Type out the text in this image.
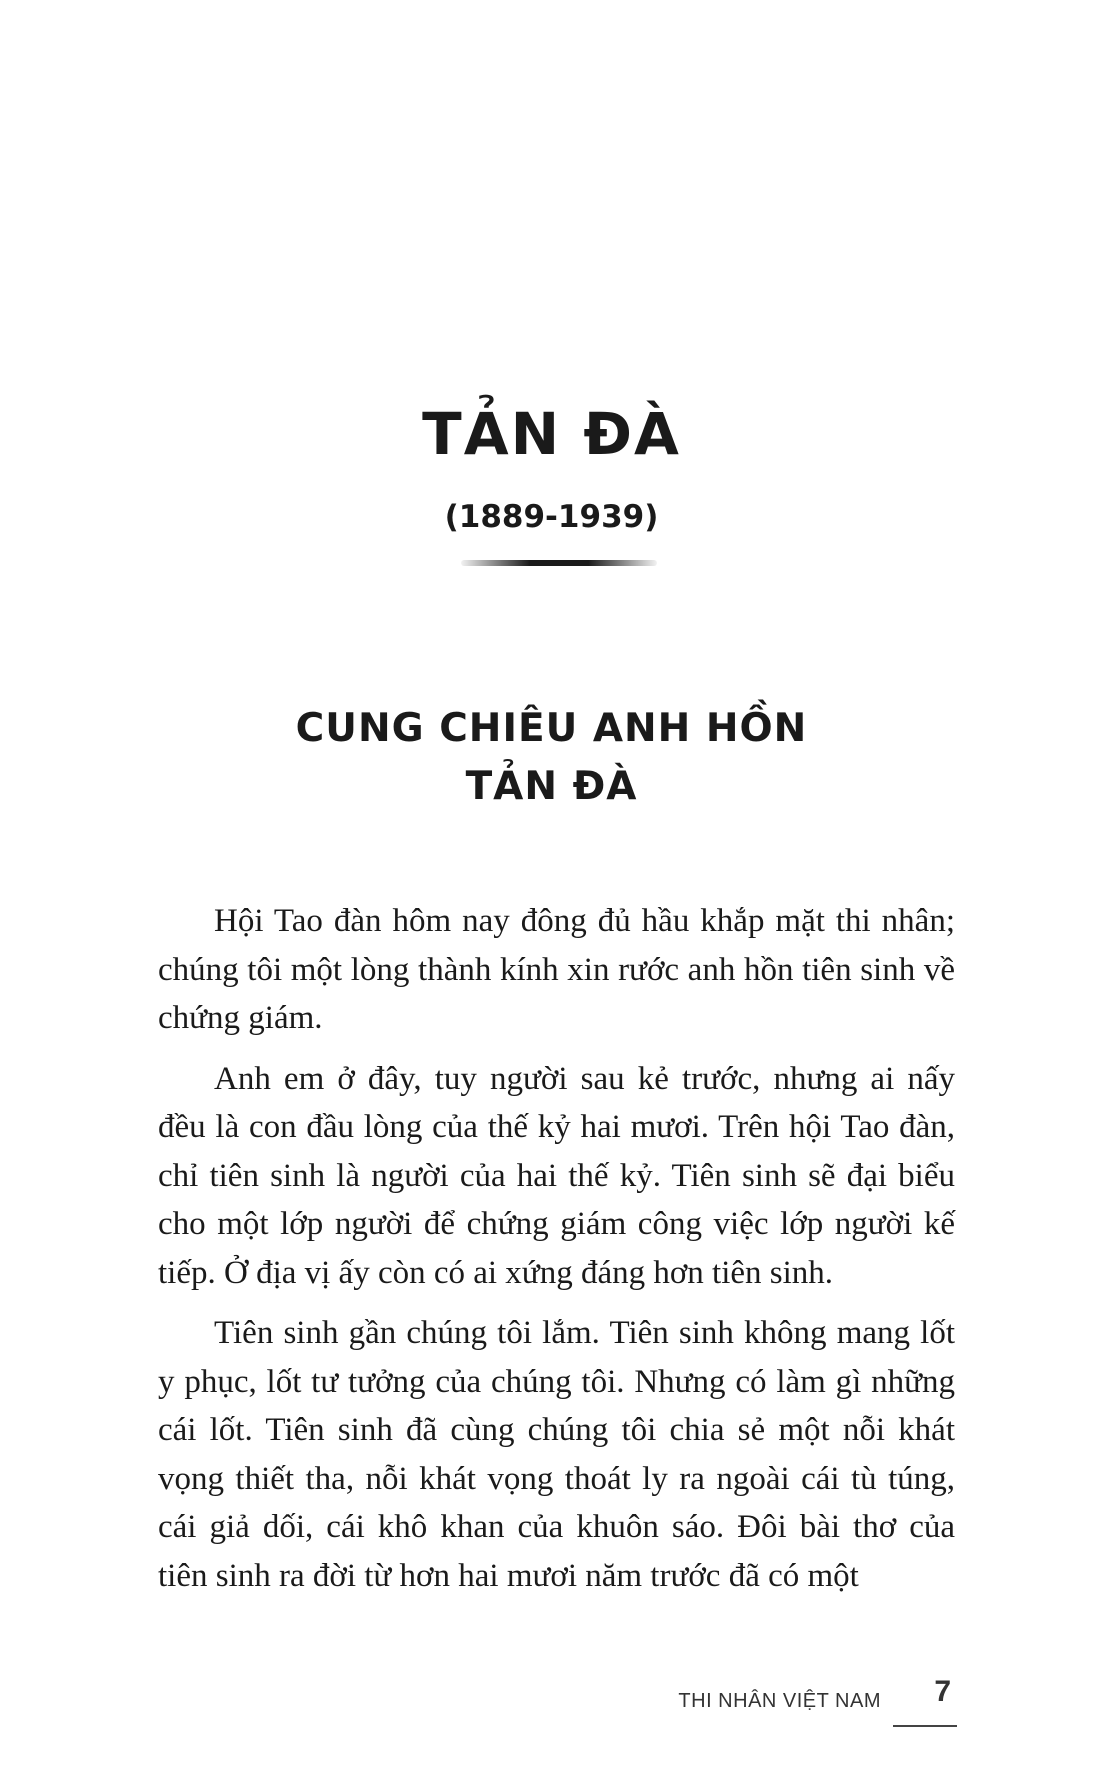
TẢN ĐÀ
(1889-1939)
CUNG CHIÊU ANH HỒN
TẢN ĐÀ

Hội Tao đàn hôm nay đông đủ hầu khắp mặt thi nhân; chúng tôi một lòng thành kính xin rước anh hồn tiên sinh về chứng giám.

Anh em ở đây, tuy người sau kẻ trước, nhưng ai nấy đều là con đầu lòng của thế kỷ hai mươi. Trên hội Tao đàn, chỉ tiên sinh là người của hai thế kỷ. Tiên sinh sẽ đại biểu cho một lớp người để chứng giám công việc lớp người kế tiếp. Ở địa vị ấy còn có ai xứng đáng hơn tiên sinh.

Tiên sinh gần chúng tôi lắm. Tiên sinh không mang lốt y phục, lốt tư tưởng của chúng tôi. Nhưng có làm gì những cái lốt. Tiên sinh đã cùng chúng tôi chia sẻ một nỗi khát vọng thiết tha, nỗi khát vọng thoát ly ra ngoài cái tù túng, cái giả dối, cái khô khan của khuôn sáo. Đôi bài thơ của tiên sinh ra đời từ hơn hai mươi năm trước đã có một

THI NHÂN VIỆT NAM 7
